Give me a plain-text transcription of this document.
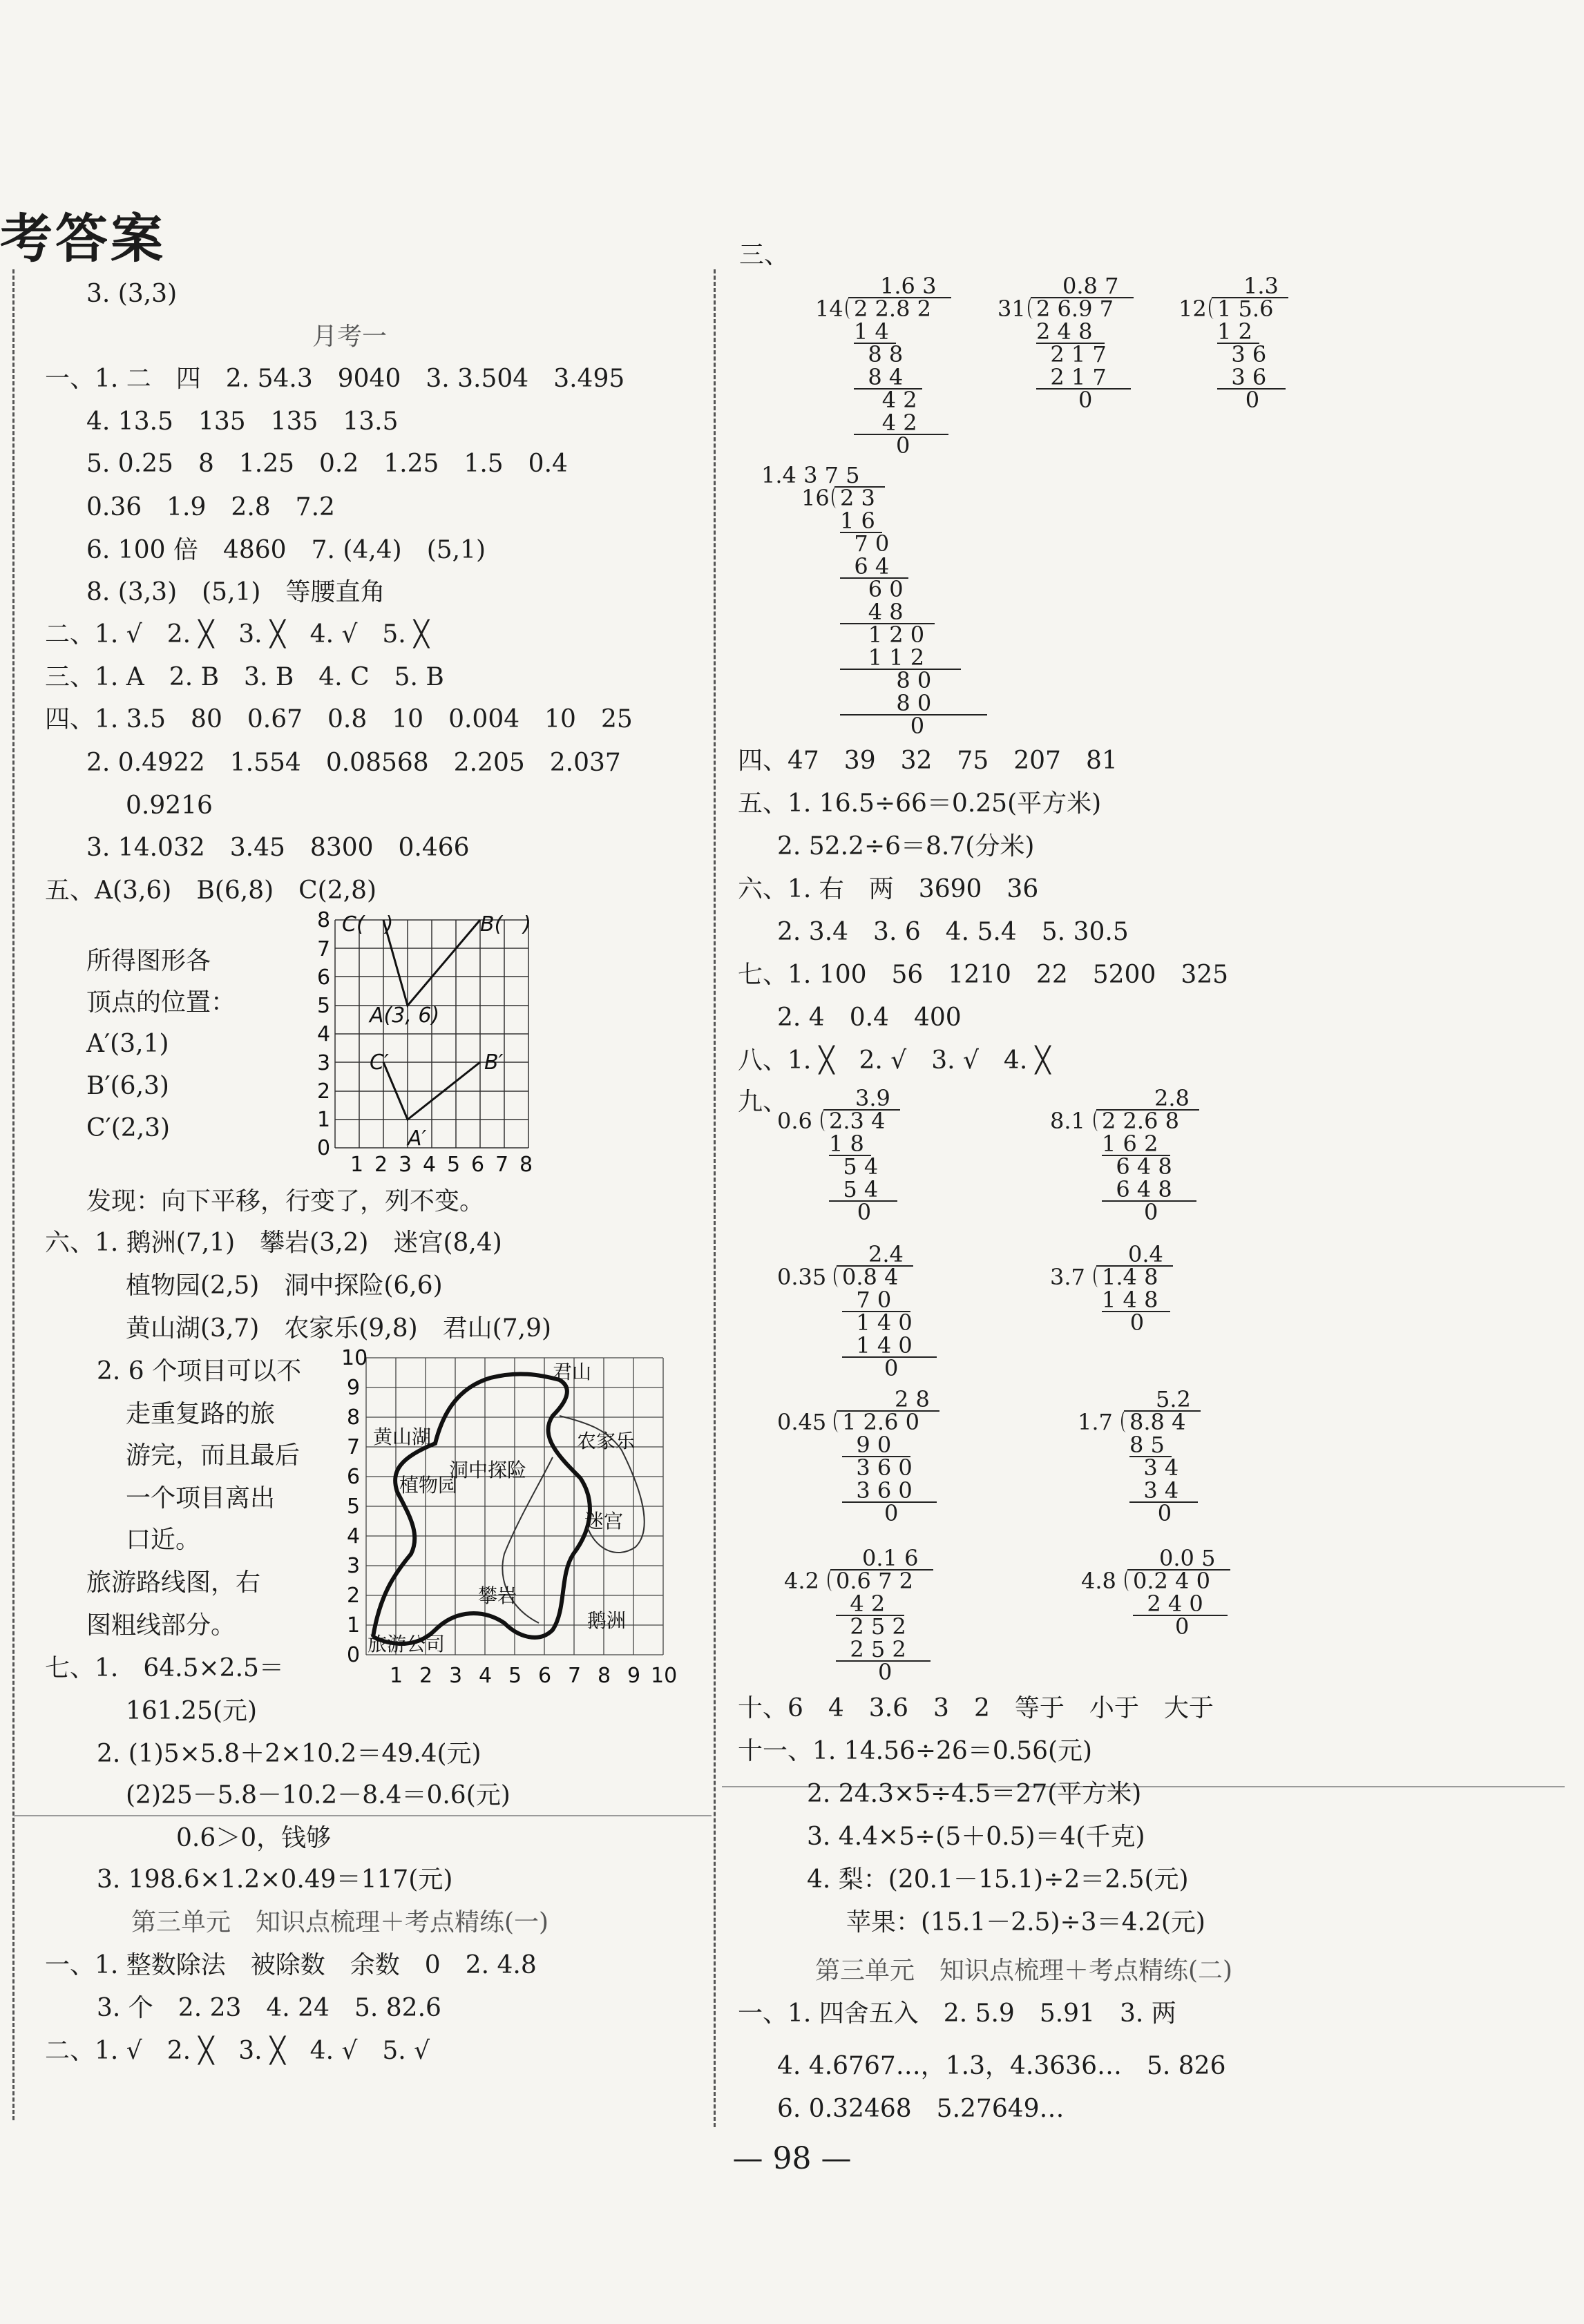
考答案
3. (3,3)
月考一
一、1. 二　四　2. 54.3　9040　3. 3.504　3.495
4. 13.5　135　135　13.5
5. 0.25　8　1.25　0.2　1.25　1.5　0.4
0.36　1.9　2.8　7.2
6. 100 倍　4860　7. (4,4)　(5,1)
8. (3,3)　(5,1)　等腰直角
二、1. √　2. ╳　3. ╳　4. √　5. ╳
三、1. A　2. B　3. B　4. C　5. B
四、1. 3.5　80　0.67　0.8　10　0.004　10　25
2. 0.4922　1.554　0.08568　2.205　2.037
0.9216
3. 14.032　3.45　8300　0.466
五、A(3,6)　B(6,8)　C(2,8)
所得图形各
顶点的位置：
A′(3,1)
B′(6,3)
C′(2,3)
8
7
6
5
4
3
2
1
0
1 2 3 4 5 6 7 8
C(　)	B(　)
A(3, 6)
C′	B′
A′
发现：向下平移，行变了，列不变。
六、1. 鹅洲(7,1)　攀岩(3,2)　迷宫(8,4)
植物园(2,5)　洞中探险(6,6)
黄山湖(3,7)　农家乐(9,8)　君山(7,9)
2. 6 个项目可以不
走重复路的旅
游完，而且最后
一个项目离出
口近。
旅游路线图，右
图粗线部分。
10
9
8
7
6
5
4
3
2
1
0
1 2 3 4 5 6 7 8 9 10
君山
黄山湖
洞中探险
农家乐
植物园
迷宫
攀岩
鹅洲
旅游公司
七、1.　64.5×2.5＝
161.25(元)
2. (1)5×5.8＋2×10.2＝49.4(元)
(2)25－5.8－10.2－8.4＝0.6(元)
0.6＞0，钱够
3. 198.6×1.2×0.49＝117(元)
第三单元　知识点梳理＋考点精练(一)
一、1. 整数除法　被除数　余数　0　2. 4.8
3. 个　2. 23　4. 24　5. 82.6
二、1. √　2. ╳　3. ╳　4. √　5. √
三、
1.6 3
14 2 2.8 2
1 4
8 8
8 4
4 2
4 2
0
0.8 7
31 2 6.9 7
2 4 8
2 1 7
2 1 7
0
1.3
12 1 5.6
1 2
3 6
3 6
0
1.4 3 7 5
16 2 3
1 6
7 0
6 4
6 0
4 8
1 2 0
1 1 2
8 0
8 0
0
四、47　39　32　75　207　81
五、1. 16.5÷66＝0.25(平方米)
2. 52.2÷6＝8.7(分米)
六、1. 右　两　3690　36
2. 3.4　3. 6　4. 5.4　5. 30.5
七、1. 100　56　1210　22　5200　325
2. 4　0.4　400
八、1. ╳　2. √　3. √　4. ╳
九、	3.9
0.6 2.3 4
1 8
5 4
5 4
0
2.8
8.1 2 2.6 8
1 6 2
6 4 8
6 4 8
0
2.4
0.35 0.8 4
7 0
1 4 0
1 4 0
0
0.4
3.7 1.4 8
1 4 8
0
2 8
0.45 1 2.6 0
9 0
3 6 0
3 6 0
0
5.2
1.7 8.8 4
8 5
3 4
3 4
0
0.1 6
4.2 0.6 7 2
4 2
2 5 2
2 5 2
0
0.0 5
4.8 0.2 4 0
2 4 0
0
十、6　4　3.6　3　2　等于　小于　大于
十一、1. 14.56÷26＝0.56(元)
2. 24.3×5÷4.5＝27(平方米)
3. 4.4×5÷(5＋0.5)＝4(千克)
4. 梨：(20.1－15.1)÷2＝2.5(元)
苹果：(15.1－2.5)÷3＝4.2(元)
第三单元　知识点梳理＋考点精练(二)
一、1. 四舍五入　2. 5.9　5.91　3. 两
4. 4.6767…，1.3，4.3636…　5. 826
6. 0.32468　5.27649…
— 98 —
